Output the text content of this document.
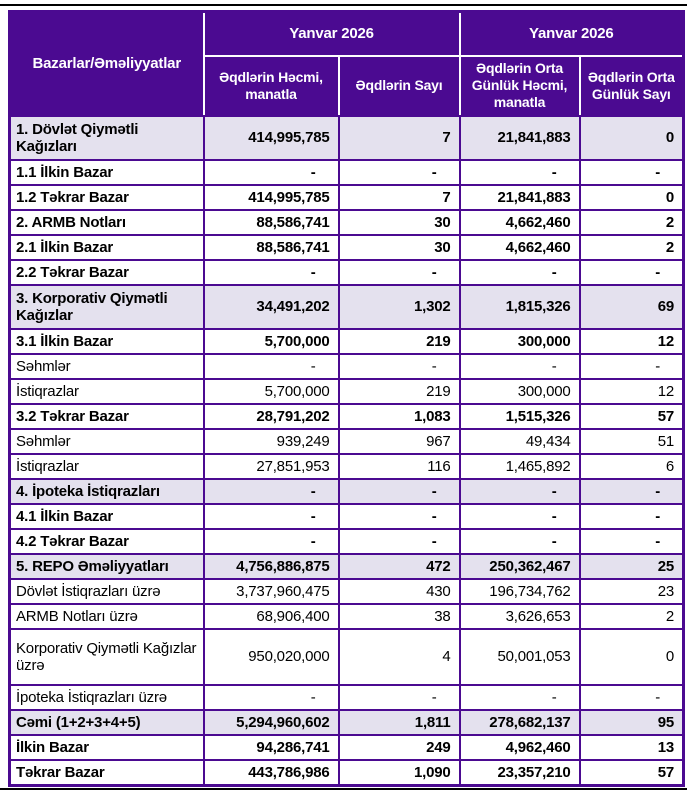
Bazarlar/Əməliyyatlar	Yanvar 2026		Yanvar 2026	
	Əqdlərin Həcmi, manatla	Əqdlərin Sayı	Əqdlərin Orta Günlük Həcmi, manatla	Əqdlərin Orta Günlük Sayı
1. Dövlət Qiymətli Kağızları	414,995,785	7	21,841,883	0
1.1 İlkin Bazar	-	-	-	-
1.2 Təkrar Bazar	414,995,785	7	21,841,883	0
2. ARMB Notları	88,586,741	30	4,662,460	2
2.1 İlkin Bazar	88,586,741	30	4,662,460	2
2.2 Təkrar Bazar	-	-	-	-
3. Korporativ Qiymətli Kağızlar	34,491,202	1,302	1,815,326	69
3.1 İlkin Bazar	5,700,000	219	300,000	12
Səhmlər	-	-	-	-
İstiqrazlar	5,700,000	219	300,000	12
3.2 Təkrar Bazar	28,791,202	1,083	1,515,326	57
Səhmlər	939,249	967	49,434	51
İstiqrazlar	27,851,953	116	1,465,892	6
4. İpoteka İstiqrazları	-	-	-	-
4.1 İlkin Bazar	-	-	-	-
4.2 Təkrar Bazar	-	-	-	-
5. REPO Əməliyyatları	4,756,886,875	472	250,362,467	25
Dövlət İstiqrazları üzrə	3,737,960,475	430	196,734,762	23
ARMB Notları üzrə	68,906,400	38	3,626,653	2
Korporativ Qiymətli Kağızlar üzrə	950,020,000	4	50,001,053	0
İpoteka İstiqrazları üzrə	-	-	-	-
Cəmi (1+2+3+4+5)	5,294,960,602	1,811	278,682,137	95
İlkin Bazar	94,286,741	249	4,962,460	13
Təkrar Bazar	443,786,986	1,090	23,357,210	57
